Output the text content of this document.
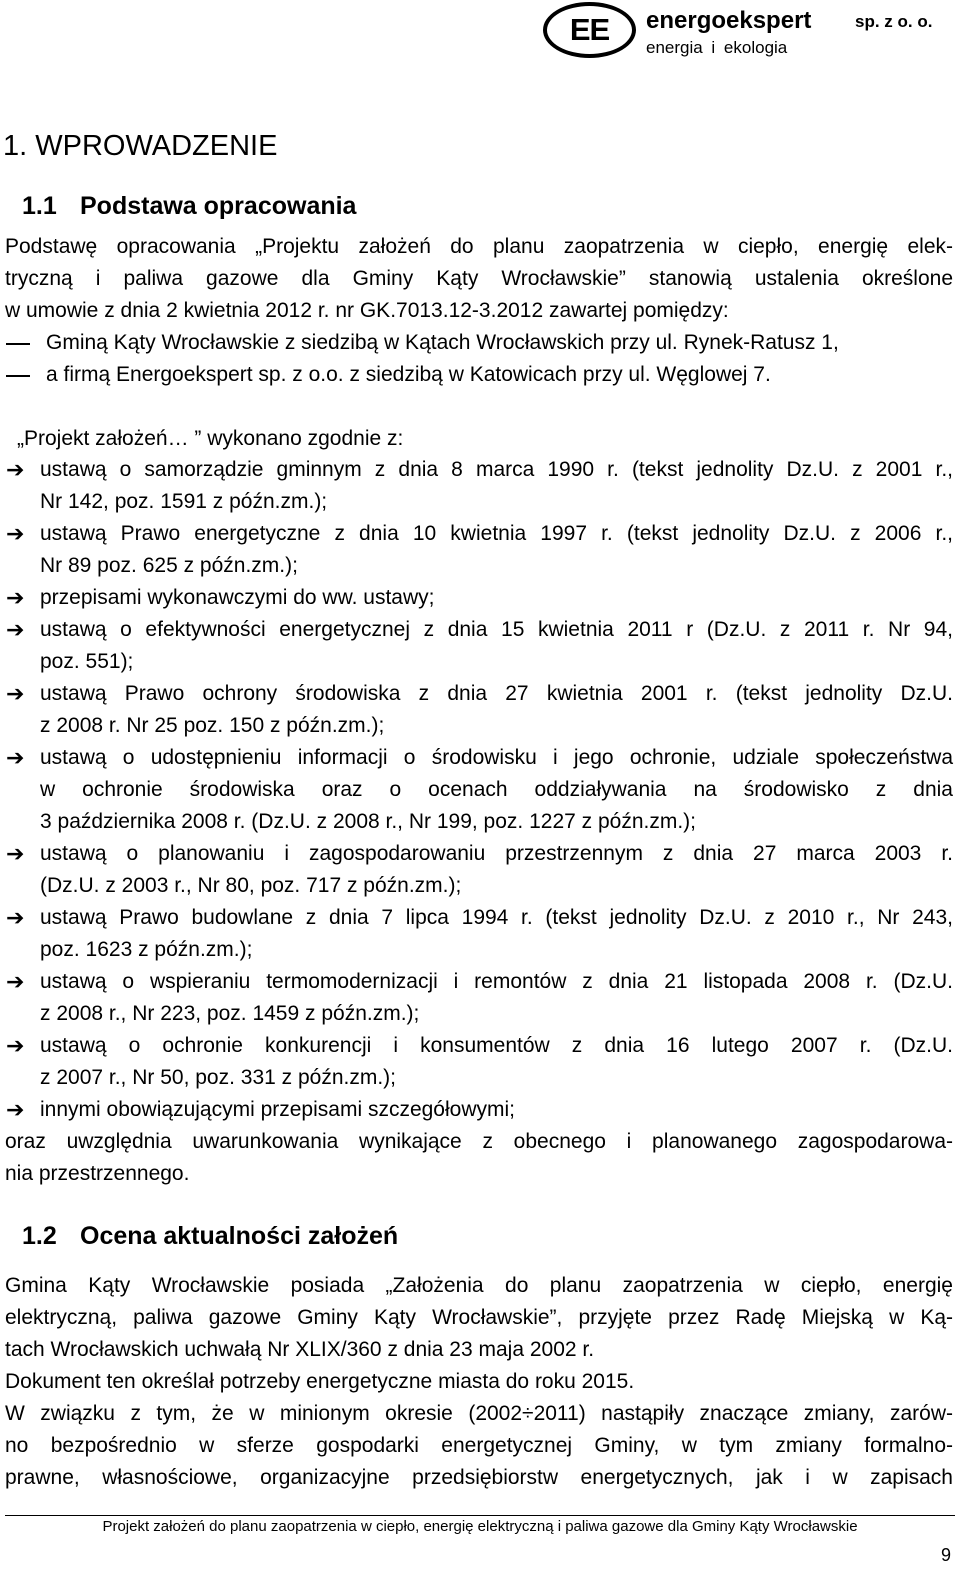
EE	energoekspert	sp. z o. o.
energia i ekologia
1. WPROWADZENIE
1.1 Podstawa opracowania
Podstawę opracowania „Projektu założeń do planu zaopatrzenia w ciepło, energię elek-
tryczną i paliwa gazowe dla Gminy Kąty Wrocławskie” stanowią ustalenia określone
w umowie z dnia 2 kwietnia 2012 r. nr GK.7013.12-3.2012 zawartej pomiędzy:
Gminą Kąty Wrocławskie z siedzibą w Kątach Wrocławskich przy ul. Rynek-Ratusz 1,
a firmą Energoekspert sp. z o.o. z siedzibą w Katowicach przy ul. Węglowej 7.
„Projekt założeń… ” wykonano zgodnie z:
➔ ustawą o samorządzie gminnym z dnia 8 marca 1990 r. (tekst jednolity Dz.U. z 2001 r.,
Nr 142, poz. 1591 z późn.zm.);
➔ ustawą Prawo energetyczne z dnia 10 kwietnia 1997 r. (tekst jednolity Dz.U. z 2006 r.,
Nr 89 poz. 625 z późn.zm.);
➔ przepisami wykonawczymi do ww. ustawy;
➔ ustawą o efektywności energetycznej z dnia 15 kwietnia 2011 r (Dz.U. z 2011 r. Nr 94,
poz. 551);
➔ ustawą Prawo ochrony środowiska z dnia 27 kwietnia 2001 r. (tekst jednolity Dz.U.
z 2008 r. Nr 25 poz. 150 z późn.zm.);
➔ ustawą o udostępnieniu informacji o środowisku i jego ochronie, udziale społeczeństwa
w ochronie środowiska oraz o ocenach oddziaływania na środowisko z dnia
3 października 2008 r. (Dz.U. z 2008 r., Nr 199, poz. 1227 z późn.zm.);
➔ ustawą o planowaniu i zagospodarowaniu przestrzennym z dnia 27 marca 2003 r.
(Dz.U. z 2003 r., Nr 80, poz. 717 z późn.zm.);
➔ ustawą Prawo budowlane z dnia 7 lipca 1994 r. (tekst jednolity Dz.U. z 2010 r., Nr 243,
poz. 1623 z późn.zm.);
➔ ustawą o wspieraniu termomodernizacji i remontów z dnia 21 listopada 2008 r. (Dz.U.
z 2008 r., Nr 223, poz. 1459 z późn.zm.);
➔ ustawą o ochronie konkurencji i konsumentów z dnia 16 lutego 2007 r. (Dz.U.
z 2007 r., Nr 50, poz. 331 z późn.zm.);
➔ innymi obowiązującymi przepisami szczegółowymi;
oraz uwzględnia uwarunkowania wynikające z obecnego i planowanego zagospodarowa-
nia przestrzennego.
1.2 Ocena aktualności założeń
Gmina Kąty Wrocławskie posiada „Założenia do planu zaopatrzenia w ciepło, energię
elektryczną, paliwa gazowe Gminy Kąty Wrocławskie”, przyjęte przez Radę Miejską w Ką-
tach Wrocławskich uchwałą Nr XLIX/360 z dnia 23 maja 2002 r.
Dokument ten określał potrzeby energetyczne miasta do roku 2015.
W związku z tym, że w minionym okresie (2002÷2011) nastąpiły znaczące zmiany, zarów-
no bezpośrednio w sferze gospodarki energetycznej Gminy, w tym zmiany formalno-
prawne, własnościowe, organizacyjne przedsiębiorstw energetycznych, jak i w zapisach
Projekt założeń do planu zaopatrzenia w ciepło, energię elektryczną i paliwa gazowe dla Gminy Kąty Wrocławskie
9
